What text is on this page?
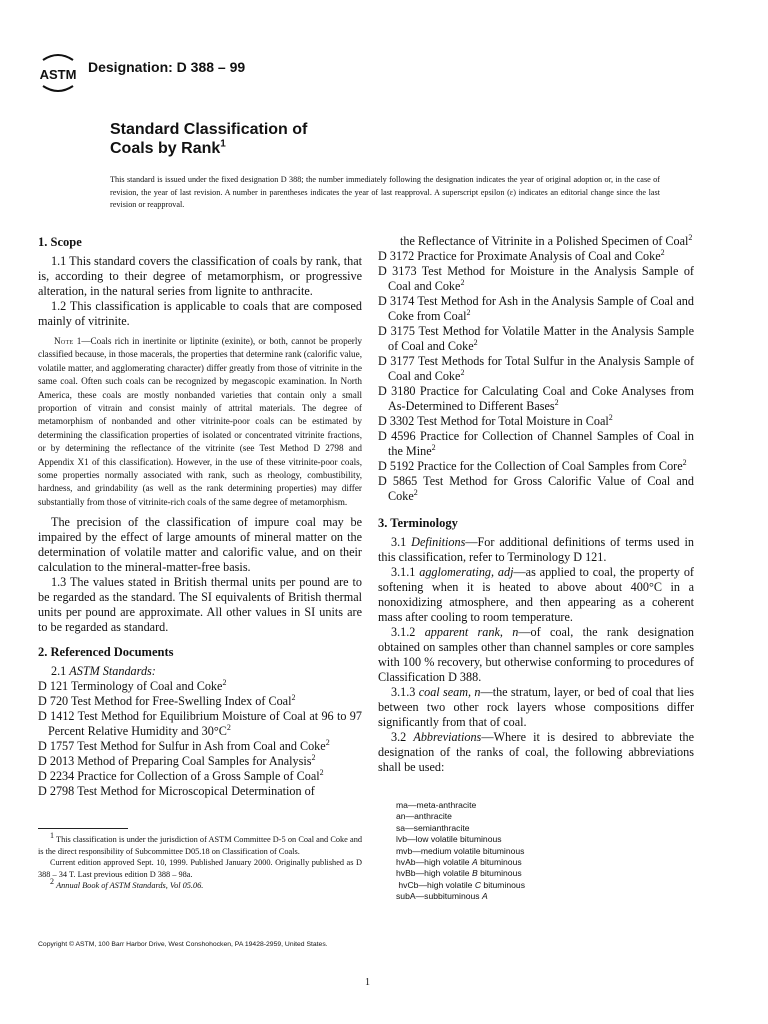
ASTM Designation: D 388 – 99
Standard Classification of
Coals by Rank$^1$
This standard is issued under the fixed designation D 388; the number immediately following the designation indicates the year of original adoption or, in the case of revision, the year of last revision. A number in parentheses indicates the year of last reapproval. A superscript epsilon (ε) indicates an editorial change since the last revision or reapproval.
1. Scope

1.1 This standard covers the classification of coals by rank, that is, according to their degree of metamorphism, or progressive alteration, in the natural series from lignite to anthracite.

1.2 This classification is applicable to coals that are composed mainly of vitrinite.

Note 1—Coals rich in inertinite or liptinite (exinite), or both, cannot be properly classified because, in those macerals, the properties that determine rank (calorific value, volatile matter, and agglomerating character) differ greatly from those of vitrinite in the same coal. Often such coals can be recognized by megascopic examination. In North America, these coals are mostly nonbanded varieties that contain only a small proportion of vitrain and consist mainly of attrital materials. The degree of metamorphism of nonbanded and other vitrinite-poor coals can be estimated by determining the classification properties of isolated or concentrated vitrinite fractions, or by determining the reflectance of the vitrinite (see Test Method D 2798 and Appendix X1 of this classification). However, in the use of these vitrinite-poor coals, some properties normally associated with rank, such as rheology, combustibility, hardness, and grindability (as well as the rank determining properties) may differ substantially from those of vitrinite-rich coals of the same degree of metamorphism.

The precision of the classification of impure coal may be impaired by the effect of large amounts of mineral matter on the determination of volatile matter and calorific value, and on their calculation to the mineral-matter-free basis.

1.3 The values stated in British thermal units per pound are to be regarded as the standard. The SI equivalents of British thermal units per pound are approximate. All other values in SI units are to be regarded as standard.

2. Referenced Documents

2.1 ASTM Standards:

D 121 Terminology of Coal and Coke$^2$

D 720 Test Method for Free-Swelling Index of Coal$^2$

D 1412 Test Method for Equilibrium Moisture of Coal at 96 to 97 Percent Relative Humidity and $30^\circ C^2$

D 1757 Test Method for Sulfur in Ash from Coal and Coke$^2$

D 2013 Method of Preparing Coal Samples for Analysis$^2$

D 2234 Practice for Collection of a Gross Sample of Coal$^2$

D 2798 Test Method for Microscopical Determination of

the Reflectance of Vitrinite in a Polished Specimen of Coal$^2$

D 3172 Practice for Proximate Analysis of Coal and Coke$^2$

D 3173 Test Method for Moisture in the Analysis Sample of Coal and Coke$^2$

D 3174 Test Method for Ash in the Analysis Sample of Coal and Coke from Coal$^2$

D 3175 Test Method for Volatile Matter in the Analysis Sample of Coal and Coke$^2$

D 3177 Test Methods for Total Sulfur in the Analysis Sample of Coal and Coke$^2$

D 3180 Practice for Calculating Coal and Coke Analyses from As-Determined to Different Bases$^2$

D 3302 Test Method for Total Moisture in Coal$^2$

D 4596 Practice for Collection of Channel Samples of Coal in the Mine$^2$

D 5192 Practice for the Collection of Coal Samples from Core$^2$

D 5865 Test Method for Gross Calorific Value of Coal and Coke$^2$

3. Terminology

3.1 Definitions—For additional definitions of terms used in this classification, refer to Terminology D 121.

3.1.1 agglomerating, adj—as applied to coal, the property of softening when it is heated to above about 400°C in a nonoxidizing atmosphere, and then appearing as a coherent mass after cooling to room temperature.

3.1.2 apparent rank, n—of coal, the rank designation obtained on samples other than channel samples or core samples with 100 % recovery, but otherwise conforming to procedures of Classification D 388.

3.1.3 coal seam, n—the stratum, layer, or bed of coal that lies between two other rock layers whose compositions differ significantly from that of coal.

3.2 Abbreviations—Where it is desired to abbreviate the designation of the ranks of coal, the following abbreviations shall be used:

ma—meta-anthracite
an—anthracite
sa—semianthracite
lvb—low volatile bituminous
mvb—medium volatile bituminous
hvAb—high volatile A bituminous
hvBb—high volatile B bituminous
hvCb—high volatile C bituminous
subA—subbituminous A

$^1$ This classification is under the jurisdiction of ASTM Committee D-5 on Coal and Coke and is the direct responsibility of Subcommittee D05.18 on Classification of Coals.

Current edition approved Sept. 10, 1999. Published January 2000. Originally published as D 388 – 34 T. Last previous edition D 388 – 98a.

$^2$ Annual Book of ASTM Standards, Vol 05.06.

Copyright © ASTM, 100 Barr Harbor Drive, West Conshohocken, PA 19428-2959, United States.
1
